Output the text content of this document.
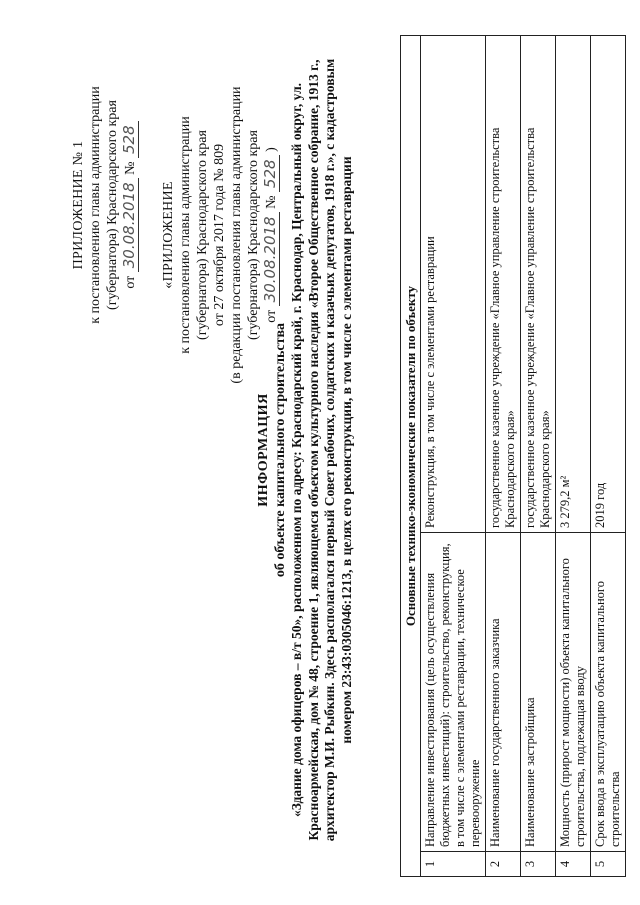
ПРИЛОЖЕНИЕ № 1 к постановлению главы администрации (губернатора) Краснодарского края от 30.08.2018 № 528
«ПРИЛОЖЕНИЕ к постановлению главы администрации (губернатора) Краснодарского края от 27 октября 2017 года № 809 (в редакции постановления главы администрации (губернатора) Краснодарского края от 30.08.2018 № 528 )
ИНФОРМАЦИЯ об объекте капитального строительства «Здание дома офицеров – в/т 50», расположенном по адресу: Краснодарский край, г. Краснодар, Центральный округ, ул. Красноармейская, дом № 48, строение 1, являющемся объектом культурного наследия «Второе Общественное собрание, 1913 г., архитектор М.И. Рыбкин. Здесь располагался первый Совет рабочих, солдатских и казачьих депутатов, 1918 г.», с кадастровым номером 23:43:0305046:1213, в целях его реконструкции, в том числе с элементами реставрации	Основные технико-экономические показатели по объекту		
1	Направление инвестирования (цель осуществления бюджетных инвестиций): строительство, реконструкция, в том числе с элементами реставрации, техническое перевооружение	Реконструкция, в том числе с элементами реставрации
2	Наименование государственного заказчика	государственное казенное учреждение «Главное управление строительства Краснодарского края»
3	Наименование застройщика	государственное казенное учреждение «Главное управление строительства Краснодарского края»
4	Мощность (прирост мощности) объекта капитального строительства, подлежащая вводу	3 279,2 м²
5	Срок ввода в эксплуатацию объекта капитального строительства	2019 год
